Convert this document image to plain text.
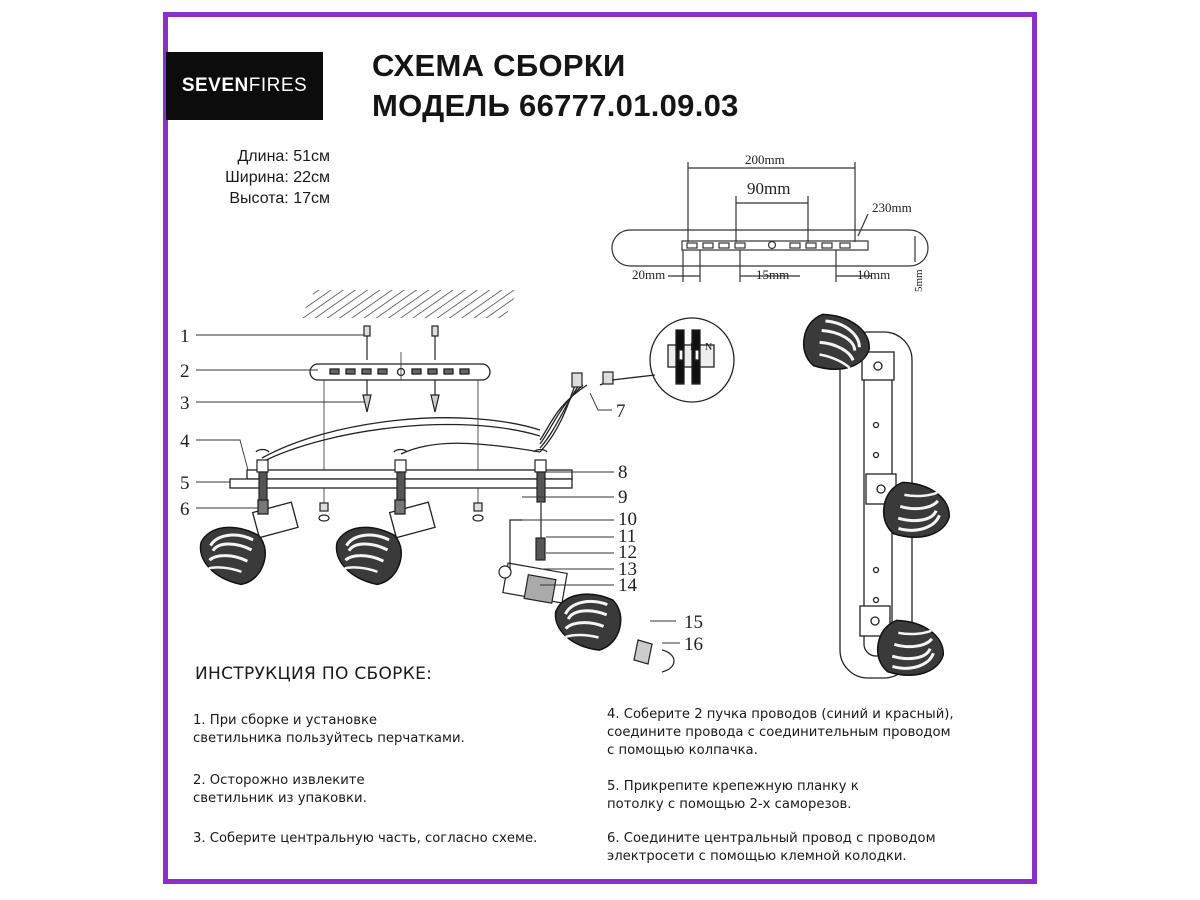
SEVEN FIRES
СХЕМА СБОРКИ
МОДЕЛЬ 66777.01.09.03
Длина: 51см
Ширина: 22см
Высота: 17см
200mm
90mm
230mm
20mm	15mm	10mm 5mm
L N
1
2
3
4
5
6
7
8
9
10
11
12
13
14
15
16
ИНСТРУКЦИЯ ПО СБОРКЕ:
1. При сборке и установке
светильника пользуйтесь перчатками.
2. Осторожно извлеките
светильник из упаковки.
3. Соберите центральную часть, согласно схеме.
4. Соберите 2 пучка проводов (синий и красный),
соедините провода с соединительным проводом
с помощью колпачка.
5. Прикрепите крепежную планку к
потолку с помощью 2-х саморезов.
6. Соедините центральный провод с проводом
электросети с помощью клемной колодки.
